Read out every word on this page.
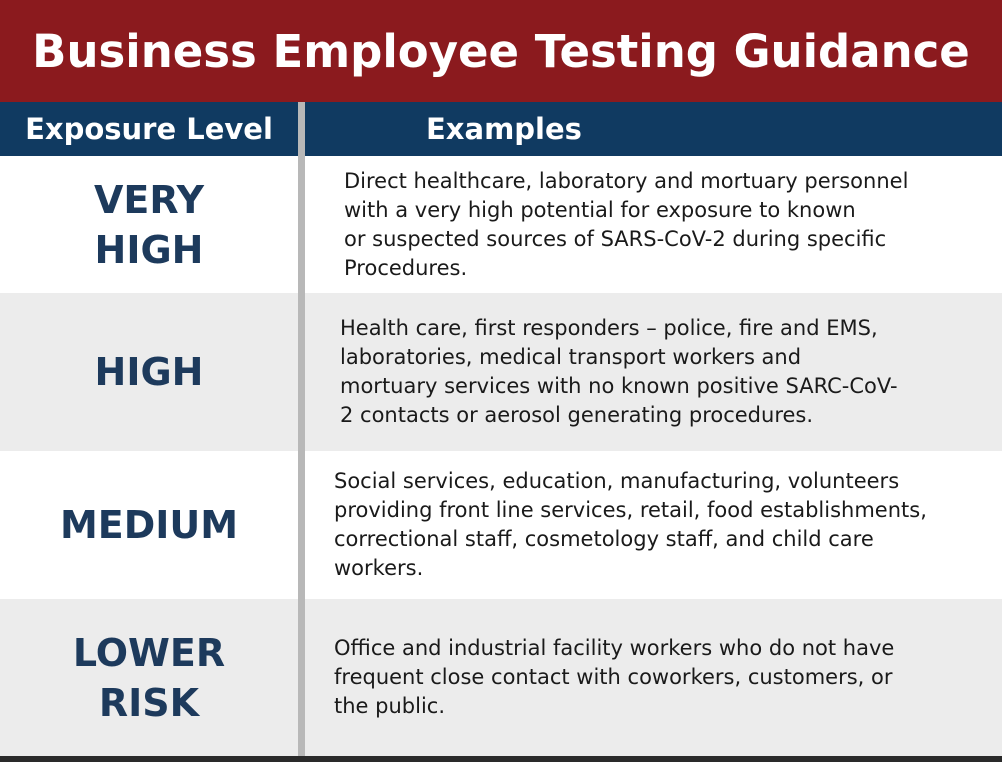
Business Employee Testing Guidance
Exposure Level	Examples
VERY
HIGH
Direct healthcare, laboratory and mortuary personnel
with a very high potential for exposure to known
or suspected sources of SARS-CoV-2 during specific
Procedures.
HIGH
Health care, first responders – police, fire and EMS,
laboratories, medical transport workers and
mortuary services with no known positive SARC-CoV-
2 contacts or aerosol generating procedures.
MEDIUM
Social services, education, manufacturing, volunteers
providing front line services, retail, food establishments,
correctional staff, cosmetology staff, and child care
workers.
LOWER
RISK
Office and industrial facility workers who do not have
frequent close contact with coworkers, customers, or
the public.
